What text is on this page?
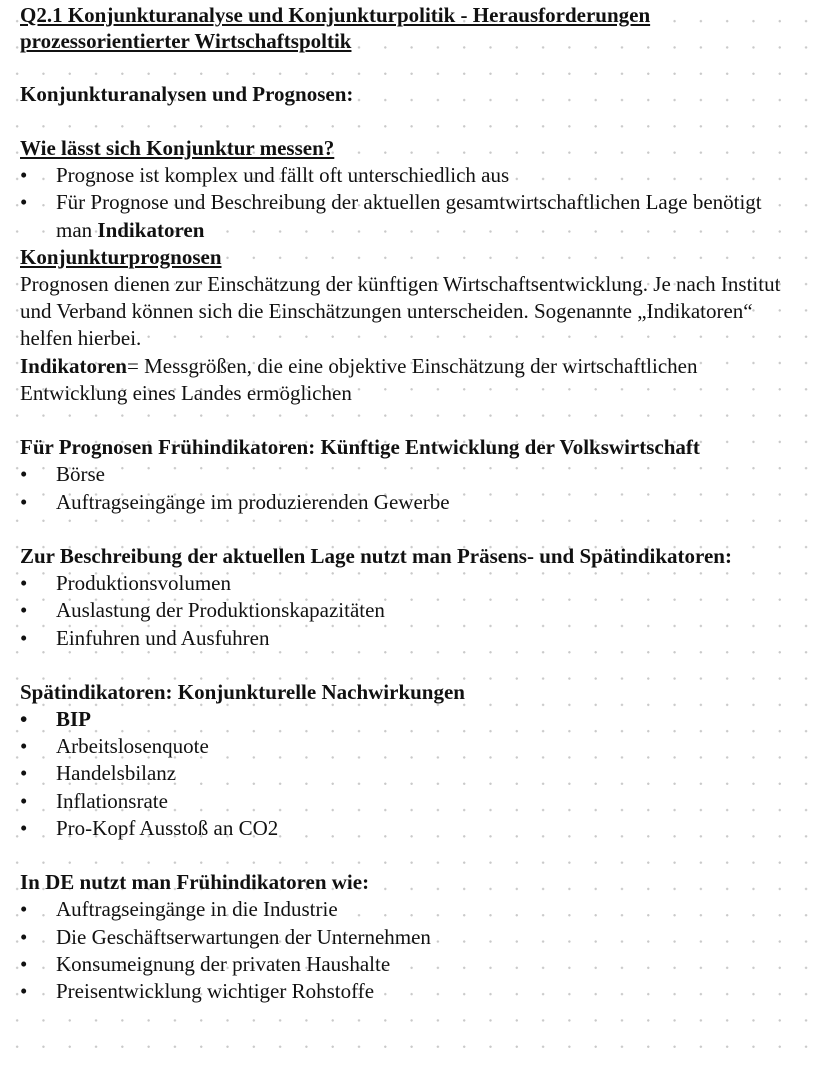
Q2.1 Konjunkturanalyse und Konjunkturpolitik - Herausforderungen prozessorientierter Wirtschaftspoltik
Konjunkturanalysen und Prognosen:
Wie lässt sich Konjunktur messen?
• Prognose ist komplex und fällt oft unterschiedlich aus
• Für Prognose und Beschreibung der aktuellen gesamtwirtschaftlichen Lage benötigt man Indikatoren
Konjunkturprognosen

Prognosen dienen zur Einschätzung der künftigen Wirtschaftsentwicklung. Je nach Institut und Verband können sich die Einschätzungen unterscheiden. Sogenannte „Indikatoren“ helfen hierbei.

Indikatoren= Messgrößen, die eine objektive Einschätzung der wirtschaftlichen Entwicklung eines Landes ermöglichen

Für Prognosen Frühindikatoren: Künftige Entwicklung der Volkswirtschaft
• Börse
• Auftragseingänge im produzierenden Gewerbe
Zur Beschreibung der aktuellen Lage nutzt man Präsens- und Spätindikatoren:
• Produktionsvolumen
• Auslastung der Produktionskapazitäten
• Einfuhren und Ausfuhren
Spätindikatoren: Konjunkturelle Nachwirkungen
• BIP
• Arbeitslosenquote
• Handelsbilanz
• Inflationsrate
• Pro-Kopf Ausstoß an CO2
In DE nutzt man Frühindikatoren wie:
• Auftragseingänge in die Industrie
• Die Geschäftserwartungen der Unternehmen
• Konsumeignung der privaten Haushalte
• Preisentwicklung wichtiger Rohstoffe
